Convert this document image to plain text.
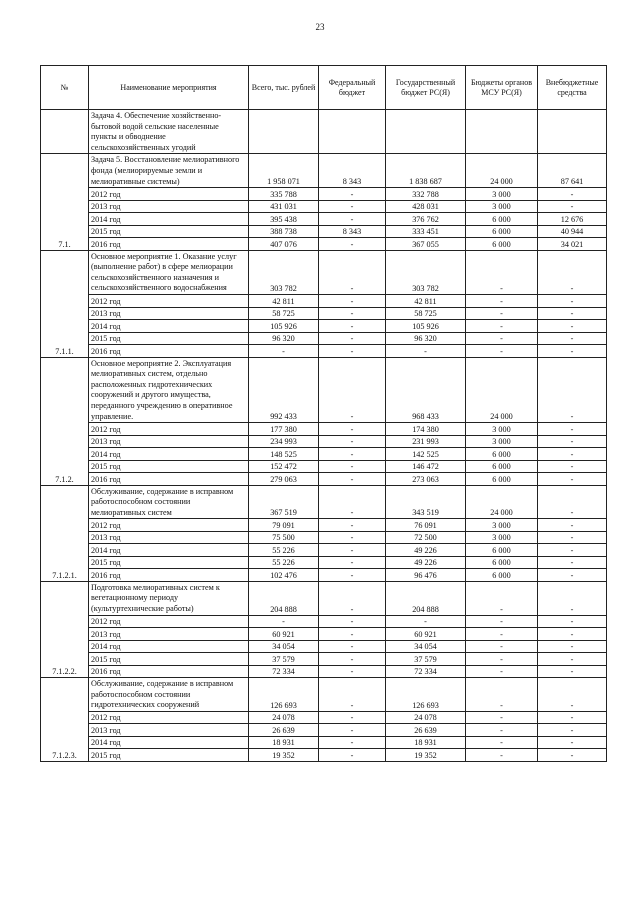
23
№	Наименование мероприятия	Всего, тыс. рублей	Федеральный бюджет	Государственный бюджет РС(Я)	Бюджеты органов МСУ РС(Я)	Внебюджетные средства
	Задача 4. Обеспечение хозяйственно-бытовой водой сельские населенные пункты и обводнение сельскохозяйственных угодий					
7.1.	Задача 5. Восстановление мелиоративного фонда (мелиорируемые земли и мелиоративные системы)	1 958 071	8 343	1 838 687	24 000	87 641
	2012 год	335 788	-	332 788	3 000	-
	2013 год	431 031	-	428 031	3 000	-
	2014 год	395 438	-	376 762	6 000	12 676
	2015 год	388 738	8 343	333 451	6 000	40 944
	2016 год	407 076	-	367 055	6 000	34 021
7.1.1.	Основное мероприятие 1. Оказание услуг (выполнение работ) в сфере мелиорации сельскохозяйственного назначения и сельскохозяйственного водоснабжения	303 782	-	303 782	-	-
	2012 год	42 811	-	42 811	-	-
	2013 год	58 725	-	58 725	-	-
	2014 год	105 926	-	105 926	-	-
	2015 год	96 320	-	96 320	-	-
	2016 год	-	-	-	-	-
7.1.2.	Основное мероприятие 2. Эксплуатация мелиоративных систем, отдельно расположенных гидротехнических сооружений и другого имущества, переданного учреждению в оперативное управление.	992 433	-	968 433	24 000	-
	2012 год	177 380	-	174 380	3 000	-
	2013 год	234 993	-	231 993	3 000	-
	2014 год	148 525	-	142 525	6 000	-
	2015 год	152 472	-	146 472	6 000	-
	2016 год	279 063	-	273 063	6 000	-
7.1.2.1.	Обслуживание, содержание в исправном работоспособном состоянии мелиоративных систем	367 519	-	343 519	24 000	-
	2012 год	79 091	-	76 091	3 000	-
	2013 год	75 500	-	72 500	3 000	-
	2014 год	55 226	-	49 226	6 000	-
	2015 год	55 226	-	49 226	6 000	-
	2016 год	102 476	-	96 476	6 000	-
7.1.2.2.	Подготовка мелиоративных систем к вегетационному периоду (культуртехнические работы)	204 888	-	204 888	-	-
	2012 год	-	-	-	-	-
	2013 год	60 921	-	60 921	-	-
	2014 год	34 054	-	34 054	-	-
	2015 год	37 579	-	37 579	-	-
	2016 год	72 334	-	72 334	-	-
7.1.2.3.	Обслуживание, содержание в исправном работоспособном состоянии гидротехнических сооружений	126 693	-	126 693	-	-
	2012 год	24 078	-	24 078	-	-
	2013 год	26 639	-	26 639	-	-
	2014 год	18 931	-	18 931	-	-
	2015 год	19 352	-	19 352	-	-
